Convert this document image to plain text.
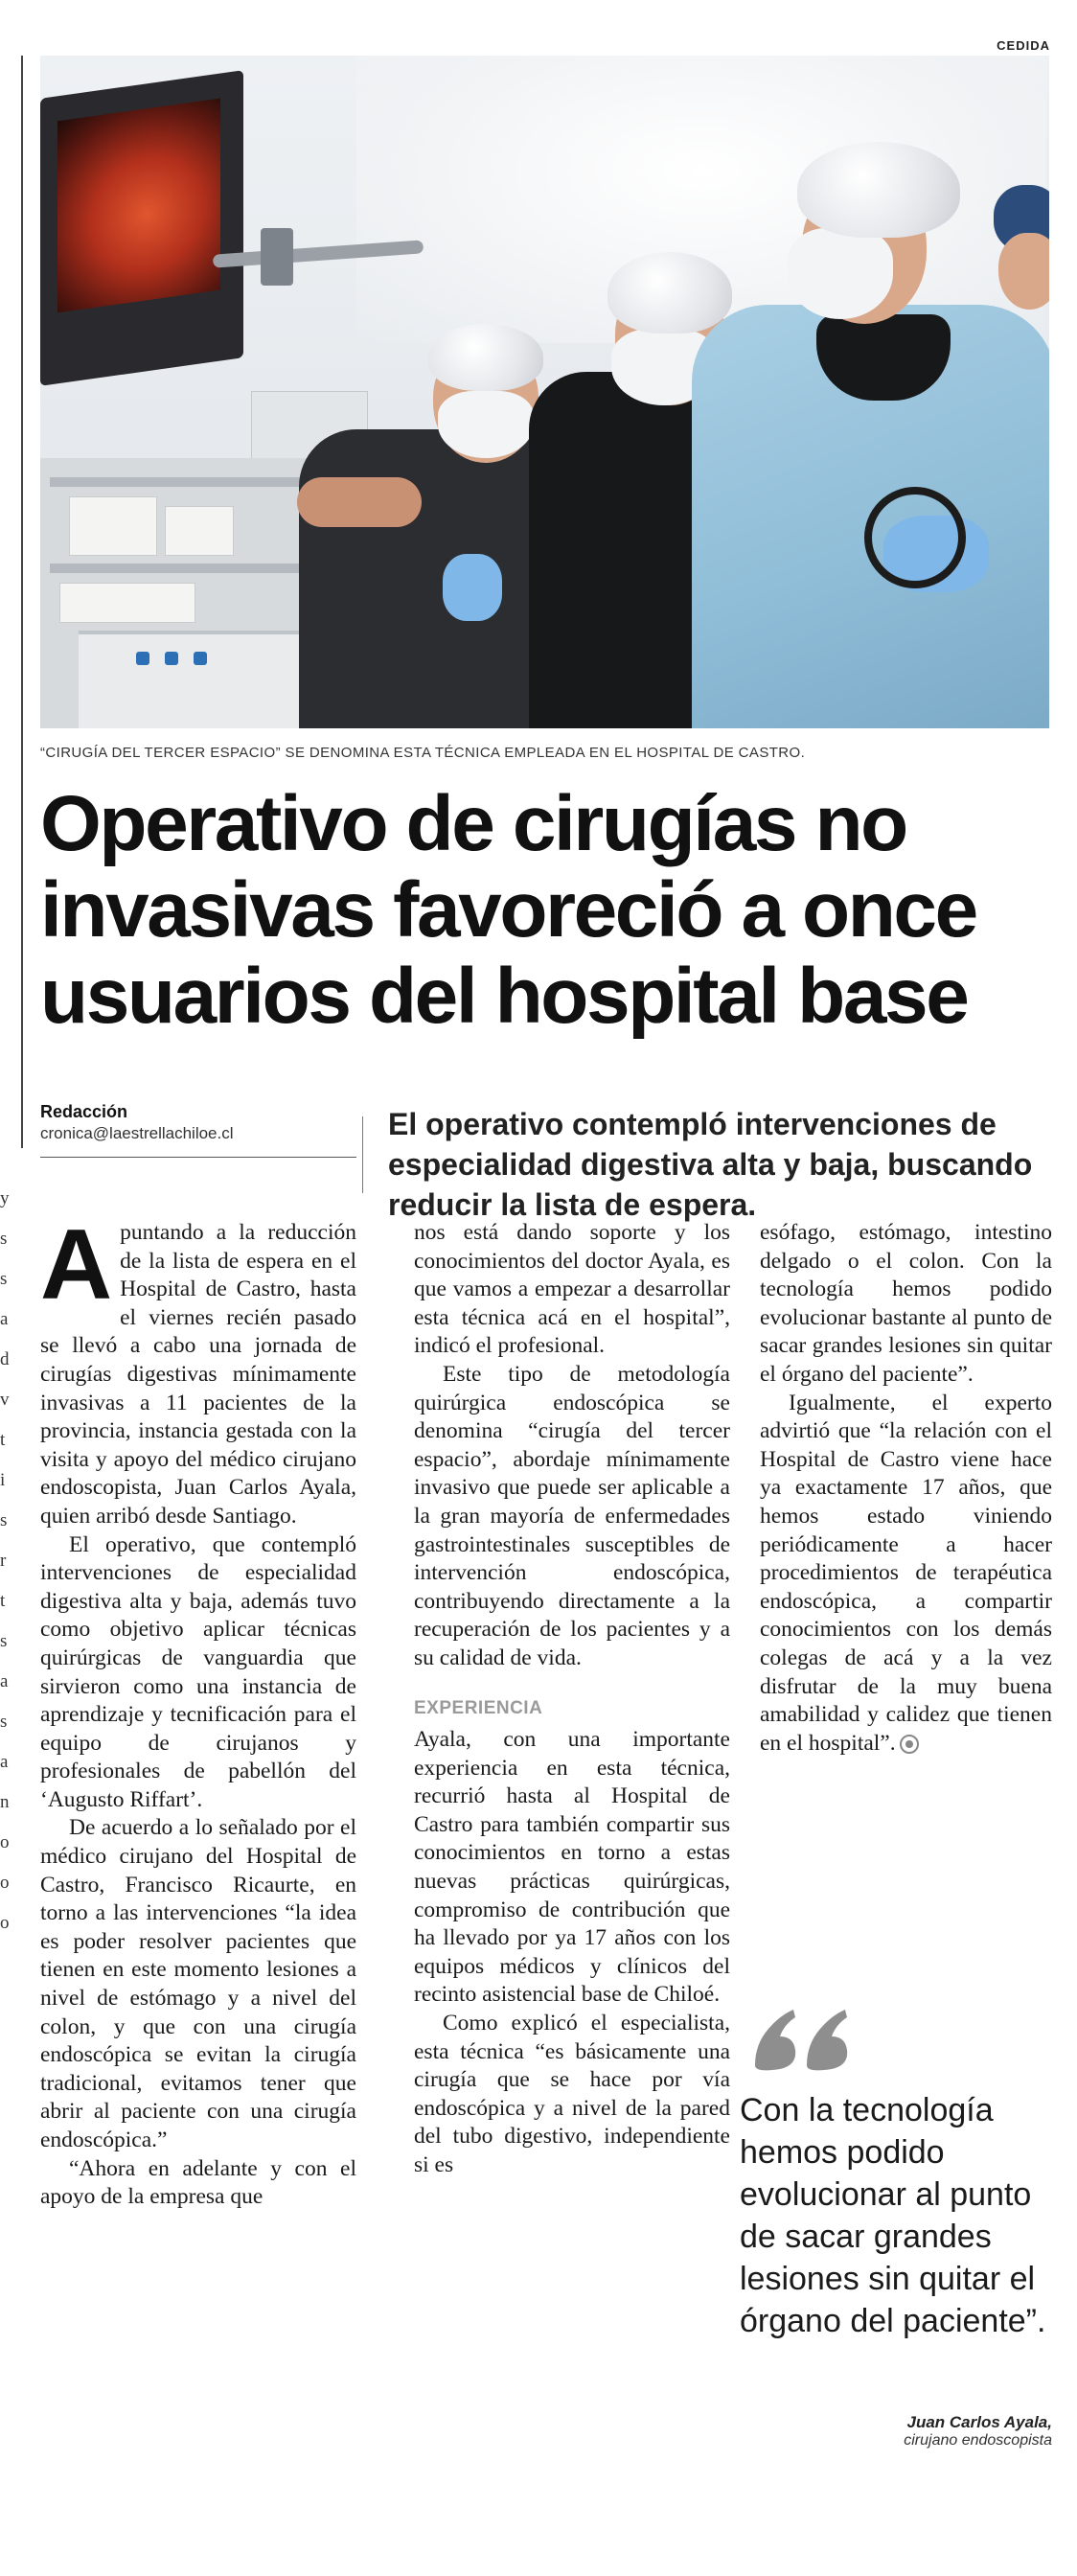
CEDIDA
y
s
s
a
d
v
t
i
s
r
t
s
a
s
a
n
o
o
o
“CIRUGÍA DEL TERCER ESPACIO” SE DENOMINA ESTA TÉCNICA EMPLEADA EN EL HOSPITAL DE CASTRO.
Operativo de cirugías no invasivas favoreció a once usuarios del hospital base
Redacción
cronica@laestrellachiloe.cl	El operativo contempló intervenciones de especialidad digestiva alta y baja, buscando reducir la lista de espera.

Apuntando a la reducción de la lista de espera en el Hospital de Castro, hasta el viernes recién pasado se llevó a cabo una jornada de cirugías digestivas mínimamente invasivas a 11 pacientes de la provincia, instancia gestada con la visita y apoyo del médico cirujano endoscopista, Juan Carlos Ayala, quien arribó desde Santiago.

El operativo, que contempló intervenciones de especialidad digestiva alta y baja, además tuvo como objetivo aplicar técnicas quirúrgicas de vanguardia que sirvieron como una instancia de aprendizaje y tecnificación para el equipo de cirujanos y profesionales de pabellón del ‘Augusto Riffart’.

De acuerdo a lo señalado por el médico cirujano del Hospital de Castro, Francisco Ricaurte, en torno a las intervenciones “la idea es poder resolver pacientes que tienen en este momento lesiones a nivel de estómago y a nivel del colon, y que con una cirugía endoscópica se evitan la cirugía tradicional, evitamos tener que abrir al paciente con una cirugía endoscópica.”

“Ahora en adelante y con el apoyo de la empresa que

nos está dando soporte y los conocimientos del doctor Ayala, es que vamos a empezar a desarrollar esta técnica acá en el hospital”, indicó el profesional.

Este tipo de metodología quirúrgica endoscópica se denomina “cirugía del tercer espacio”, abordaje mínimamente invasivo que puede ser aplicable a la gran mayoría de enfermedades gastrointestinales susceptibles de intervención endoscópica, contribuyendo directamente a la recuperación de los pacientes y a su calidad de vida.

EXPERIENCIA

Ayala, con una importante experiencia en esta técnica, recurrió hasta al Hospital de Castro para también compartir sus conocimientos en torno a estas nuevas prácticas quirúrgicas, compromiso de contribución que ha llevado por ya 17 años con los equipos médicos y clínicos del recinto asistencial base de Chiloé.

Como explicó el especialista, esta técnica “es básicamente una cirugía que se hace por vía endoscópica y a nivel de la pared del tubo digestivo, independiente si es

esófago, estómago, intestino delgado o el colon. Con la tecnología hemos podido evolucionar bastante al punto de sacar grandes lesiones sin quitar el órgano del paciente”.

Igualmente, el experto advirtió que “la relación con el Hospital de Castro viene hace ya exactamente 17 años, que hemos estado viniendo periódicamente a hacer procedimientos de terapéutica endoscópica, a compartir conocimientos con los demás colegas de acá y a la vez disfrutar de la muy buena amabilidad y calidez que tienen en el hospital”.

Con la tecnología hemos podido evolucionar al punto de sacar grandes lesiones sin quitar el órgano del paciente”.

Juan Carlos Ayala,
cirujano endoscopista
